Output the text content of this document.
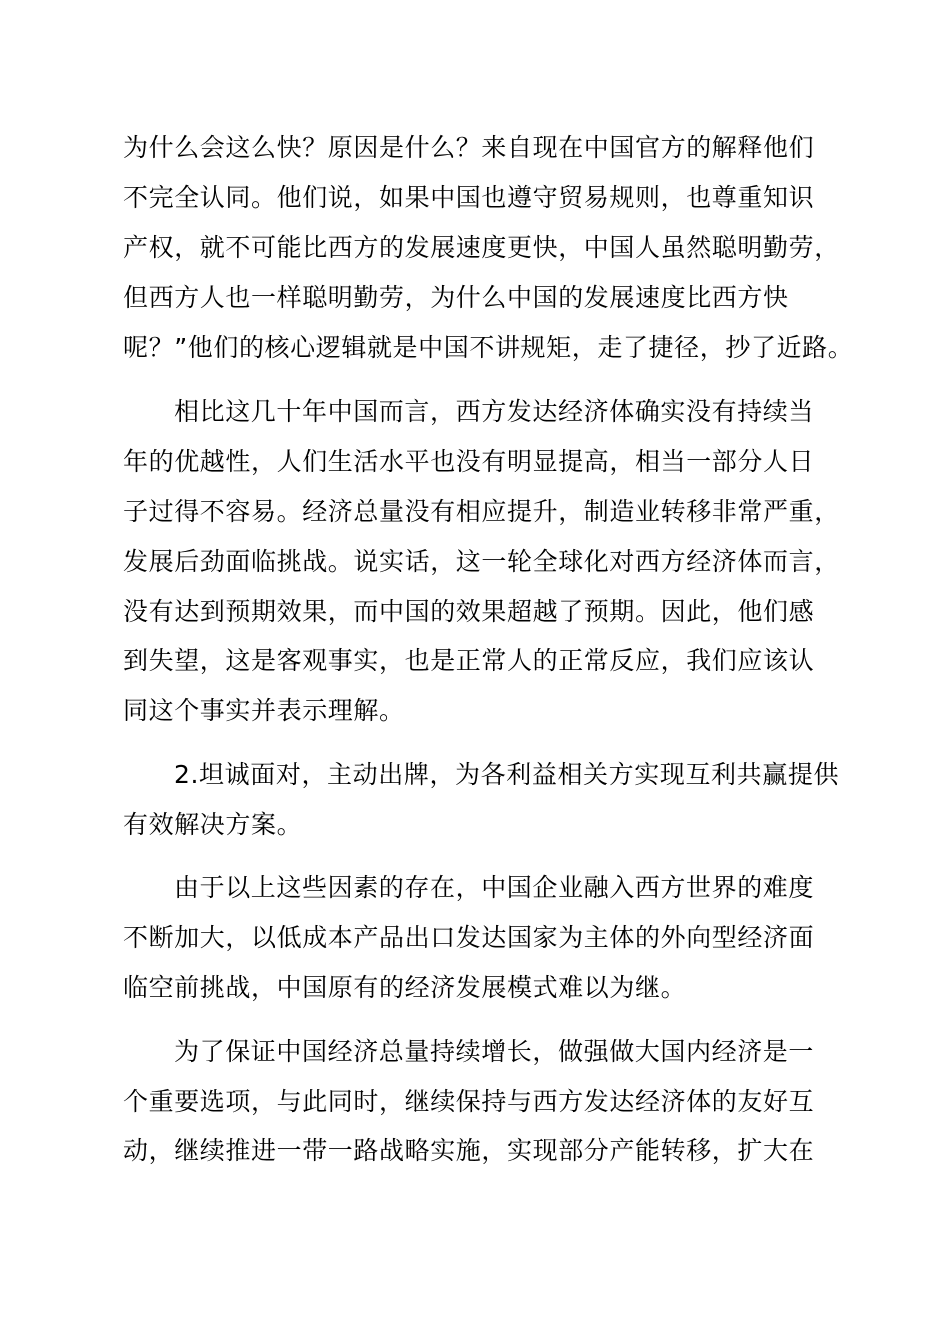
为什么会这么快？原因是什么？来自现在中国官方的解释他们
不完全认同。他们说，如果中国也遵守贸易规则，也尊重知识
产权，就不可能比西方的发展速度更快，中国人虽然聪明勤劳，
但西方人也一样聪明勤劳，为什么中国的发展速度比西方快
呢？”他们的核心逻辑就是中国不讲规矩，走了捷径，抄了近路。
相比这几十年中国而言，西方发达经济体确实没有持续当
年的优越性，人们生活水平也没有明显提高，相当一部分人日
子过得不容易。经济总量没有相应提升，制造业转移非常严重，
发展后劲面临挑战。说实话，这一轮全球化对西方经济体而言，
没有达到预期效果，而中国的效果超越了预期。因此，他们感
到失望，这是客观事实，也是正常人的正常反应，我们应该认
同这个事实并表示理解。
2.坦诚面对，主动出牌，为各利益相关方实现互利共赢提供
有效解决方案。
由于以上这些因素的存在，中国企业融入西方世界的难度
不断加大，以低成本产品出口发达国家为主体的外向型经济面
临空前挑战，中国原有的经济发展模式难以为继。
为了保证中国经济总量持续增长，做强做大国内经济是一
个重要选项，与此同时，继续保持与西方发达经济体的友好互
动，继续推进一带一路战略实施，实现部分产能转移，扩大在
